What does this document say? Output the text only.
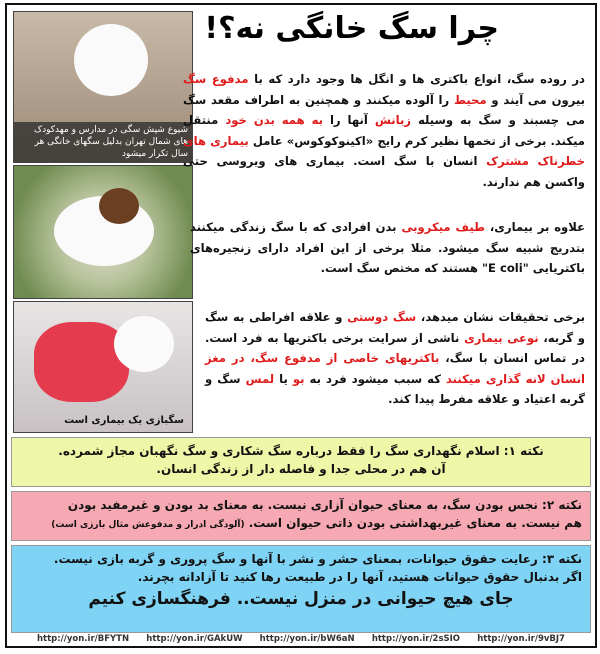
چرا سگ خانگی نه؟!
شیوع شپش سگی در مدارس و مهدکودک های شمال تهران بدلیل سگهای خانگی هر سال تکرار میشود
سگبازی یک بیماری است
در روده سگ، انواع باکتری ها و انگل ها وجود دارد که با مدفوع سگ بیرون می آیند و محیط را آلوده میکنند و همچنین به اطراف مقعد سگ می چسبند و سگ به وسیله زبانش آنها را به همه بدن خود منتقل میکند. برخی از تخمها نظیر کرم رایج «اکینوکوکوس» عامل بیماری های خطرناک مشترک انسان با سگ است. بیماری های ویروسی حتی واکسن هم ندارند.
علاوه بر بیماری، طیف میکروبی بدن افرادی که با سگ زندگی میکنند بتدریج شبیه سگ میشود. مثلا برخی از این افراد دارای زنجیره‌های باکتریایی "E coli" هستند که مختص سگ است.
برخی تحقیقات نشان میدهد، سگ دوستی و علاقه افراطی به سگ و گربه، نوعی بیماری ناشی از سرایت برخی باکتریها به فرد است. در تماس انسان با سگ، باکتریهای خاصی از مدفوع سگ، در مغز انسان لانه گذاری میکنند که سبب میشود فرد به بو یا لمس سگ و گربه اعتیاد و علاقه مفرط پیدا کند.
نکته ۱: اسلام نگهداری سگ را فقط درباره سگ شکاری و سگ نگهبان مجاز شمرده.
آن هم در محلی جدا و فاصله دار از زندگی انسان.
نکته ۲: نجس بودن سگ، به معنای حیوان آزاری نیست. به معنای بد بودن و غیرمفید بودن
هم نیست. به معنای غیربهداشتی بودن ذاتی حیوان است. (آلودگی ادرار و مدفوعش مثال بارزی است)
نکته ۳: رعایت حقوق حیوانات، بمعنای حشر و نشر با آنها و سگ پروری و گربه بازی نیست.
اگر بدنبال حقوق حیوانات هستید، آنها را در طبیعت رها کنید تا آزادانه بچرند.
جای هیچ حیوانی در منزل نیست.. فرهنگسازی کنیم
http://yon.ir/BFYTN http://yon.ir/GAkUW http://yon.ir/bW6aN http://yon.ir/2sSIO http://yon.ir/9vBJ7
